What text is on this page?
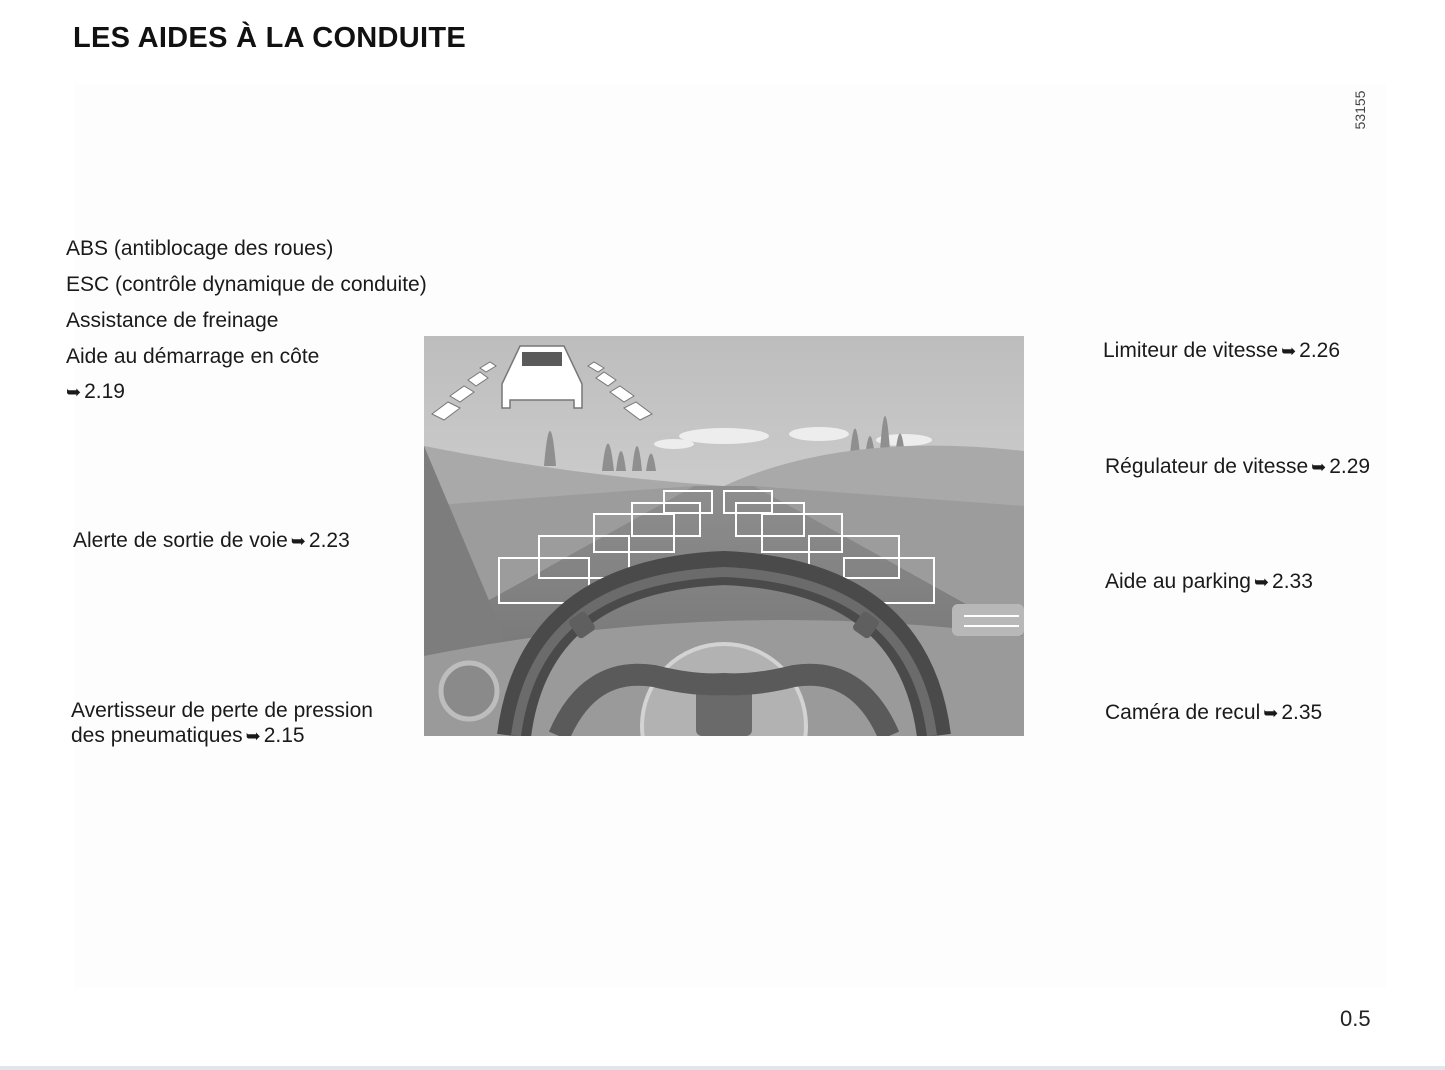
LES AIDES À LA CONDUITE
53155
ABS (antiblocage des roues)
ESC (contrôle dynamique de conduite)
Assistance de freinage
Aide au démarrage en côte
➥ 2.19
Alerte de sortie de voie ➥ 2.23
Avertisseur de perte de pression
des pneumatiques ➥ 2.15
Limiteur de vitesse ➥ 2.26
Régulateur de vitesse ➥ 2.29
Aide au parking ➥ 2.33
Caméra de recul ➥ 2.35
0.5
